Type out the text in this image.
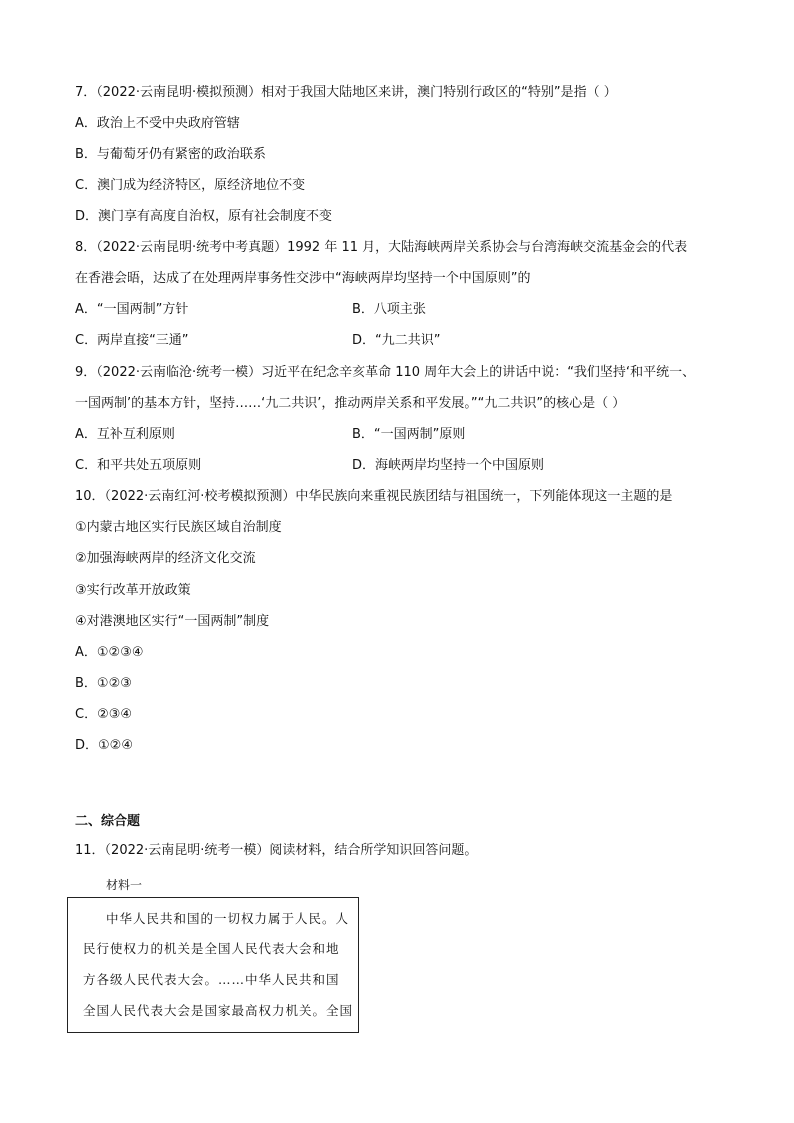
7．（2022·云南昆明·模拟预测）相对于我国大陆地区来讲，澳门特别行政区的“特别”是指（ ）
A．政治上不受中央政府管辖
B．与葡萄牙仍有紧密的政治联系
C．澳门成为经济特区，原经济地位不变
D．澳门享有高度自治权，原有社会制度不变
8．（2022·云南昆明·统考中考真题）1992 年 11 月，大陆海峡两岸关系协会与台湾海峡交流基金会的代表
在香港会晤，达成了在处理两岸事务性交涉中“海峡两岸均坚持一个中国原则”的
A．“一国两制”方针	B．八项主张
C．两岸直接“三通”	D．“九二共识”
9．（2022·云南临沧·统考一模）习近平在纪念辛亥革命 110 周年大会上的讲话中说：“我们坚持‘和平统一、
一国两制’的基本方针，坚持……‘九二共识’，推动两岸关系和平发展。”“九二共识”的核心是（ ）
A．互补互利原则	B．“一国两制”原则
C．和平共处五项原则	D．海峡两岸均坚持一个中国原则
10．（2022·云南红河·校考模拟预测）中华民族向来重视民族团结与祖国统一，下列能体现这一主题的是
①内蒙古地区实行民族区域自治制度
②加强海峡两岸的经济文化交流
③实行改革开放政策
④对港澳地区实行“一国两制”制度
A．①②③④
B．①②③
C．②③④
D．①②④
二、综合题
11．（2022·云南昆明·统考一模）阅读材料，结合所学知识回答问题。
材料一
中华人民共和国的一切权力属于人民。人
民行使权力的机关是全国人民代表大会和地
方各级人民代表大会。……中华人民共和国
全国人民代表大会是国家最高权力机关。全国
